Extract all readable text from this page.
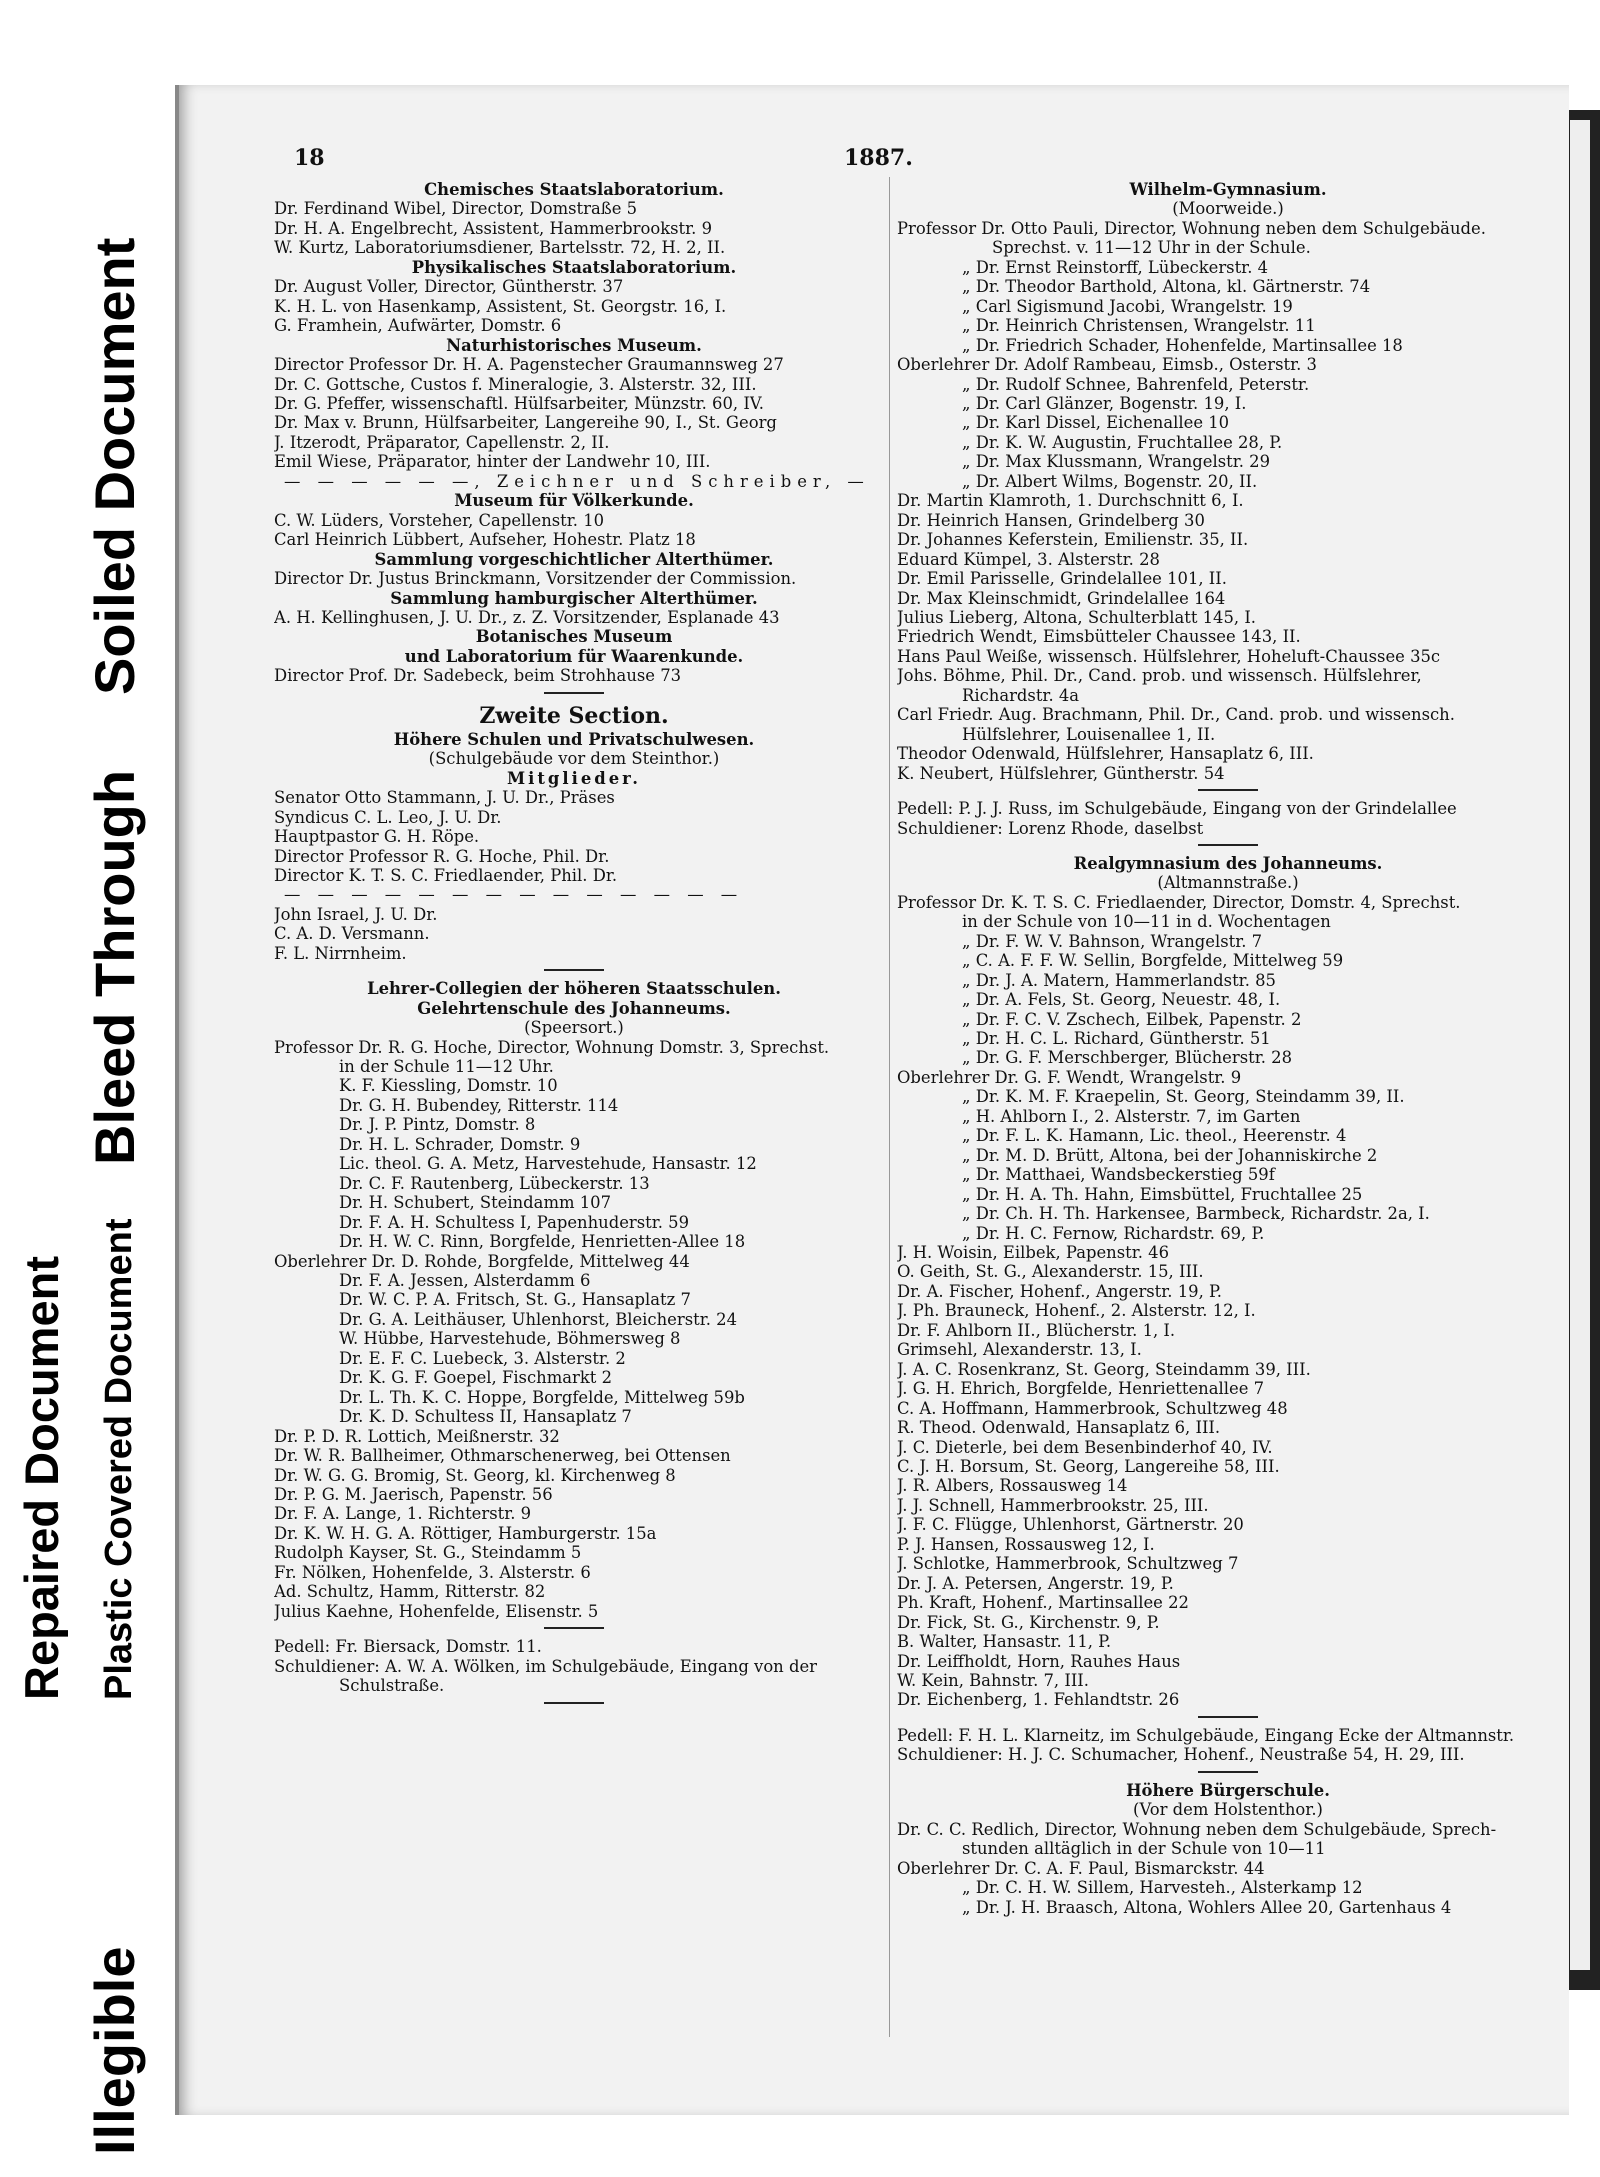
Repaired Document Plastic Covered Document
Illegible
Bleed Through
Soiled Document
18	1887.
Chemisches Staatslaboratorium.
Dr. Ferdinand Wibel, Director, Domstraße 5
Dr. H. A. Engelbrecht, Assistent, Hammerbrookstr. 9
W. Kurtz, Laboratoriumsdiener, Bartelsstr. 72, H. 2, II.
Physikalisches Staatslaboratorium.
Dr. August Voller, Director, Güntherstr. 37
K. H. L. von Hasenkamp, Assistent, St. Georgstr. 16, I.
G. Framhein, Aufwärter, Domstr. 6
Naturhistorisches Museum.
Director Professor Dr. H. A. Pagenstecher Graumannsweg 27
Dr. C. Gottsche, Custos f. Mineralogie, 3. Alsterstr. 32, III.
Dr. G. Pfeffer, wissenschaftl. Hülfsarbeiter, Münzstr. 60, IV.
Dr. Max v. Brunn, Hülfsarbeiter, Langereihe 90, I., St. Georg
J. Itzerodt, Präparator, Capellenstr. 2, II.
Emil Wiese, Präparator, hinter der Landwehr 10, III.
— — — — — —, Zeichner und Schreiber, —
Museum für Völkerkunde.
C. W. Lüders, Vorsteher, Capellenstr. 10
Carl Heinrich Lübbert, Aufseher, Hohestr. Platz 18
Sammlung vorgeschichtlicher Alterthümer.
Director Dr. Justus Brinckmann, Vorsitzender der Commission.
Sammlung hamburgischer Alterthümer.
A. H. Kellinghusen, J. U. Dr., z. Z. Vorsitzender, Esplanade 43
Botanisches Museum
und Laboratorium für Waarenkunde.
Director Prof. Dr. Sadebeck, beim Strohhause 73
Zweite Section.
Höhere Schulen und Privatschulwesen.
(Schulgebäude vor dem Steinthor.)
Mitglieder.
Senator Otto Stammann, J. U. Dr., Präses
Syndicus C. L. Leo, J. U. Dr.
Hauptpastor G. H. Röpe.
Director Professor R. G. Hoche, Phil. Dr.
Director K. T. S. C. Friedlaender, Phil. Dr.
— — — — — — — — — — — — — —
John Israel, J. U. Dr.
C. A. D. Versmann.
F. L. Nirrnheim.
Lehrer-Collegien der höheren Staatsschulen.
Gelehrtenschule des Johanneums.
(Speersort.)
Professor Dr. R. G. Hoche, Director, Wohnung Domstr. 3, Sprechst.
in der Schule 11—12 Uhr.
K. F. Kiessling, Domstr. 10
Dr. G. H. Bubendey, Ritterstr. 114
Dr. J. P. Pintz, Domstr. 8
Dr. H. L. Schrader, Domstr. 9
Lic. theol. G. A. Metz, Harvestehude, Hansastr. 12
Dr. C. F. Rautenberg, Lübeckerstr. 13
Dr. H. Schubert, Steindamm 107
Dr. F. A. H. Schultess I, Papenhuderstr. 59
Dr. H. W. C. Rinn, Borgfelde, Henrietten-Allee 18
Oberlehrer Dr. D. Rohde, Borgfelde, Mittelweg 44
Dr. F. A. Jessen, Alsterdamm 6
Dr. W. C. P. A. Fritsch, St. G., Hansaplatz 7
Dr. G. A. Leithäuser, Uhlenhorst, Bleicherstr. 24
W. Hübbe, Harvestehude, Böhmersweg 8
Dr. E. F. C. Luebeck, 3. Alsterstr. 2
Dr. K. G. F. Goepel, Fischmarkt 2
Dr. L. Th. K. C. Hoppe, Borgfelde, Mittelweg 59b
Dr. K. D. Schultess II, Hansaplatz 7
Dr. P. D. R. Lottich, Meißnerstr. 32
Dr. W. R. Ballheimer, Othmarschenerweg, bei Ottensen
Dr. W. G. G. Bromig, St. Georg, kl. Kirchenweg 8
Dr. P. G. M. Jaerisch, Papenstr. 56
Dr. F. A. Lange, 1. Richterstr. 9
Dr. K. W. H. G. A. Röttiger, Hamburgerstr. 15a
Rudolph Kayser, St. G., Steindamm 5
Fr. Nölken, Hohenfelde, 3. Alsterstr. 6
Ad. Schultz, Hamm, Ritterstr. 82
Julius Kaehne, Hohenfelde, Elisenstr. 5
Pedell: Fr. Biersack, Domstr. 11.
Schuldiener: A. W. A. Wölken, im Schulgebäude, Eingang von der
Schulstraße.
Wilhelm-Gymnasium.
(Moorweide.)
Professor Dr. Otto Pauli, Director, Wohnung neben dem Schulgebäude.
Sprechst. v. 11—12 Uhr in der Schule.
„ Dr. Ernst Reinstorff, Lübeckerstr. 4
„ Dr. Theodor Barthold, Altona, kl. Gärtnerstr. 74
„ Carl Sigismund Jacobi, Wrangelstr. 19
„ Dr. Heinrich Christensen, Wrangelstr. 11
„ Dr. Friedrich Schader, Hohenfelde, Martinsallee 18
Oberlehrer Dr. Adolf Rambeau, Eimsb., Osterstr. 3
„ Dr. Rudolf Schnee, Bahrenfeld, Peterstr.
„ Dr. Carl Glänzer, Bogenstr. 19, I.
„ Dr. Karl Dissel, Eichenallee 10
„ Dr. K. W. Augustin, Fruchtallee 28, P.
„ Dr. Max Klussmann, Wrangelstr. 29
„ Dr. Albert Wilms, Bogenstr. 20, II.
Dr. Martin Klamroth, 1. Durchschnitt 6, I.
Dr. Heinrich Hansen, Grindelberg 30
Dr. Johannes Keferstein, Emilienstr. 35, II.
Eduard Kümpel, 3. Alsterstr. 28
Dr. Emil Parisselle, Grindelallee 101, II.
Dr. Max Kleinschmidt, Grindelallee 164
Julius Lieberg, Altona, Schulterblatt 145, I.
Friedrich Wendt, Eimsbütteler Chaussee 143, II.
Hans Paul Weiße, wissensch. Hülfslehrer, Hoheluft-Chaussee 35c
Johs. Böhme, Phil. Dr., Cand. prob. und wissensch. Hülfslehrer,
Richardstr. 4a
Carl Friedr. Aug. Brachmann, Phil. Dr., Cand. prob. und wissensch.
Hülfslehrer, Louisenallee 1, II.
Theodor Odenwald, Hülfslehrer, Hansaplatz 6, III.
K. Neubert, Hülfslehrer, Güntherstr. 54
Pedell: P. J. J. Russ, im Schulgebäude, Eingang von der Grindelallee
Schuldiener: Lorenz Rhode, daselbst
Realgymnasium des Johanneums.
(Altmannstraße.)
Professor Dr. K. T. S. C. Friedlaender, Director, Domstr. 4, Sprechst.
in der Schule von 10—11 in d. Wochentagen
„ Dr. F. W. V. Bahnson, Wrangelstr. 7
„ C. A. F. F. W. Sellin, Borgfelde, Mittelweg 59
„ Dr. J. A. Matern, Hammerlandstr. 85
„ Dr. A. Fels, St. Georg, Neuestr. 48, I.
„ Dr. F. C. V. Zschech, Eilbek, Papenstr. 2
„ Dr. H. C. L. Richard, Güntherstr. 51
„ Dr. G. F. Merschberger, Blücherstr. 28
Oberlehrer Dr. G. F. Wendt, Wrangelstr. 9
„ Dr. K. M. F. Kraepelin, St. Georg, Steindamm 39, II.
„ H. Ahlborn I., 2. Alsterstr. 7, im Garten
„ Dr. F. L. K. Hamann, Lic. theol., Heerenstr. 4
„ Dr. M. D. Brütt, Altona, bei der Johanniskirche 2
„ Dr. Matthaei, Wandsbeckerstieg 59f
„ Dr. H. A. Th. Hahn, Eimsbüttel, Fruchtallee 25
„ Dr. Ch. H. Th. Harkensee, Barmbeck, Richardstr. 2a, I.
„ Dr. H. C. Fernow, Richardstr. 69, P.
J. H. Woisin, Eilbek, Papenstr. 46
O. Geith, St. G., Alexanderstr. 15, III.
Dr. A. Fischer, Hohenf., Angerstr. 19, P.
J. Ph. Brauneck, Hohenf., 2. Alsterstr. 12, I.
Dr. F. Ahlborn II., Blücherstr. 1, I.
Grimsehl, Alexanderstr. 13, I.
J. A. C. Rosenkranz, St. Georg, Steindamm 39, III.
J. G. H. Ehrich, Borgfelde, Henriettenallee 7
C. A. Hoffmann, Hammerbrook, Schultzweg 48
R. Theod. Odenwald, Hansaplatz 6, III.
J. C. Dieterle, bei dem Besenbinderhof 40, IV.
C. J. H. Borsum, St. Georg, Langereihe 58, III.
J. R. Albers, Rossausweg 14
J. J. Schnell, Hammerbrookstr. 25, III.
J. F. C. Flügge, Uhlenhorst, Gärtnerstr. 20
P. J. Hansen, Rossausweg 12, I.
J. Schlotke, Hammerbrook, Schultzweg 7
Dr. J. A. Petersen, Angerstr. 19, P.
Ph. Kraft, Hohenf., Martinsallee 22
Dr. Fick, St. G., Kirchenstr. 9, P.
B. Walter, Hansastr. 11, P.
Dr. Leiffholdt, Horn, Rauhes Haus
W. Kein, Bahnstr. 7, III.
Dr. Eichenberg, 1. Fehlandtstr. 26
Pedell: F. H. L. Klarneitz, im Schulgebäude, Eingang Ecke der Altmannstr.
Schuldiener: H. J. C. Schumacher, Hohenf., Neustraße 54, H. 29, III.
Höhere Bürgerschule.
(Vor dem Holstenthor.)
Dr. C. C. Redlich, Director, Wohnung neben dem Schulgebäude, Sprech-
stunden alltäglich in der Schule von 10—11
Oberlehrer Dr. C. A. F. Paul, Bismarckstr. 44
„ Dr. C. H. W. Sillem, Harvesteh., Alsterkamp 12
„ Dr. J. H. Braasch, Altona, Wohlers Allee 20, Gartenhaus 4
